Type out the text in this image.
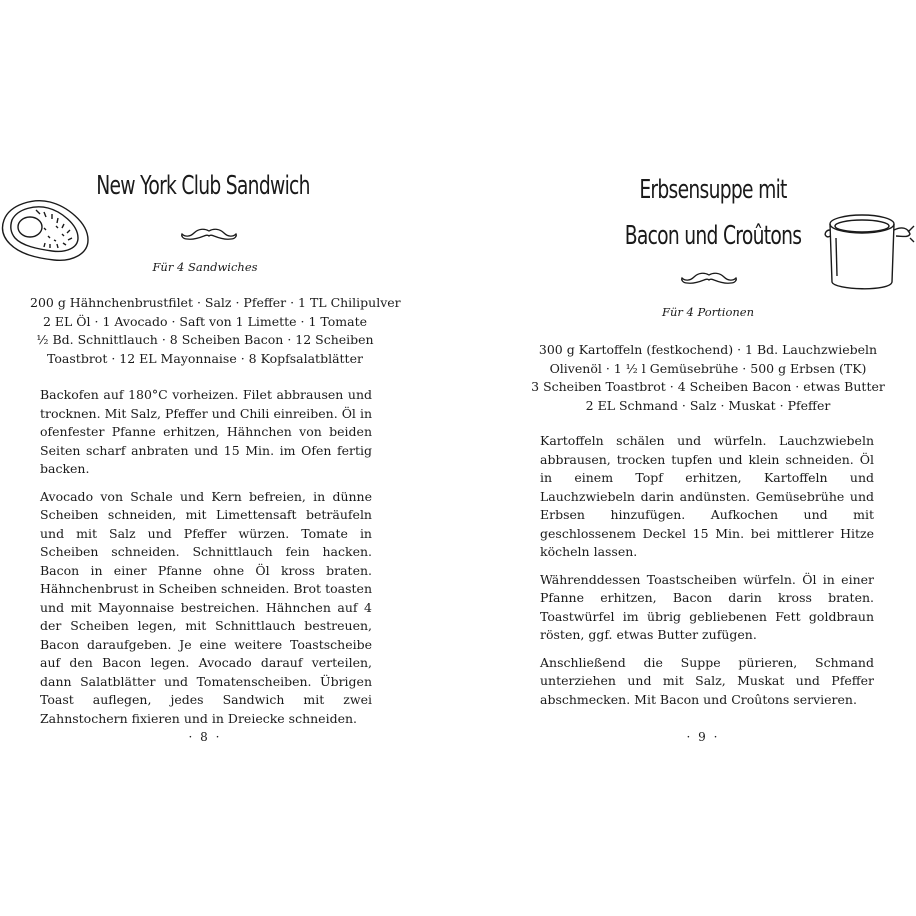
New York Club Sandwich

Für 4 Sandwiches

200 g Hähnchenbrustfilet · Salz · Pfeffer · 1 TL Chilipulver
2 EL Öl · 1 Avocado · Saft von 1 Limette · 1 Tomate
½ Bd. Schnittlauch · 8 Scheiben Bacon · 12 Scheiben
Toastbrot · 12 EL Mayonnaise · 8 Kopfsalatblätter

Backofen auf 180°C vorheizen. Filet abbrausen und trocknen. Mit Salz, Pfeffer und Chili einreiben. Öl in ofenfester Pfanne erhitzen, Hähnchen von beiden Seiten scharf anbraten und 15 Min. im Ofen fertig backen.

Avocado von Schale und Kern befreien, in dünne Scheiben schneiden, mit Limettensaft beträufeln und mit Salz und Pfeffer würzen. Tomate in Scheiben schneiden. Schnittlauch fein hacken. Bacon in einer Pfanne ohne Öl kross braten. Hähnchenbrust in Scheiben schneiden. Brot toasten und mit Mayonnaise bestreichen. Hähnchen auf 4 der Scheiben legen, mit Schnittlauch bestreuen, Bacon daraufgeben. Je eine weitere Toastscheibe auf den Bacon legen. Avocado darauf verteilen, dann Salatblätter und Tomatenscheiben. Übrigen Toast auflegen, jedes Sandwich mit zwei Zahnstochern fixieren und in Dreiecke schneiden.

· 8 ·
Erbsensuppe mit
Bacon und Croûtons

Für 4 Portionen

300 g Kartoffeln (festkochend) · 1 Bd. Lauchzwiebeln
Olivenöl · 1 ½ l Gemüsebrühe · 500 g Erbsen (TK)
3 Scheiben Toastbrot · 4 Scheiben Bacon · etwas Butter
2 EL Schmand · Salz · Muskat · Pfeffer

Kartoffeln schälen und würfeln. Lauchzwiebeln abbrausen, trocken tupfen und klein schneiden. Öl in einem Topf erhitzen, Kartoffeln und Lauchzwiebeln darin andünsten. Gemüsebrühe und Erbsen hinzufügen. Aufkochen und mit geschlossenem Deckel 15 Min. bei mittlerer Hitze köcheln lassen.

Währenddessen Toastscheiben würfeln. Öl in einer Pfanne erhitzen, Bacon darin kross braten. Toastwürfel im übrig gebliebenen Fett goldbraun rösten, ggf. etwas Butter zufügen.

Anschließend die Suppe pürieren, Schmand unterziehen und mit Salz, Muskat und Pfeffer abschmecken. Mit Bacon und Croûtons servieren.

· 9 ·
